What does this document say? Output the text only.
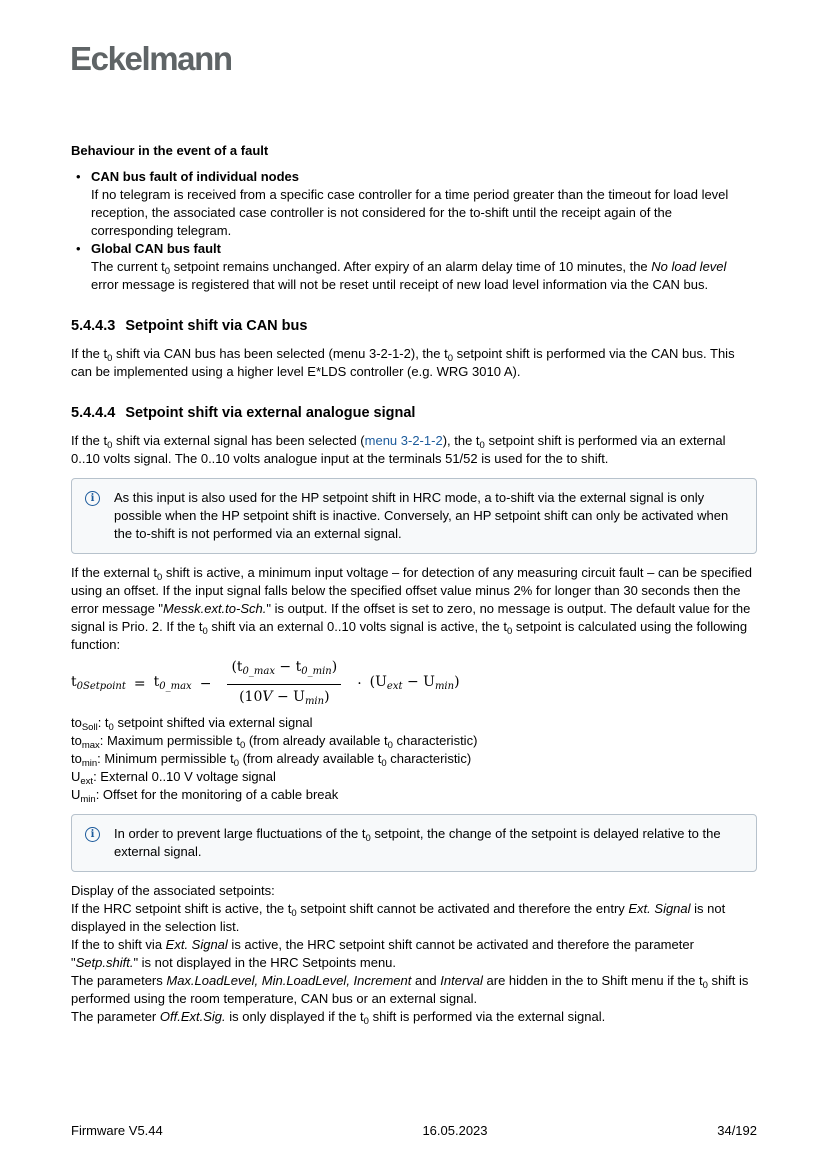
Eckelmann

Behaviour in the event of a fault

• CAN bus fault of individual nodes
If no telegram is received from a specific case controller for a time period greater than the timeout for load level reception, the associated case controller is not considered for the to-shift until the receipt again of the corresponding telegram.
• Global CAN bus fault
The current $t_0$ setpoint remains unchanged. After expiry of an alarm delay time of 10 minutes, the No load level error message is registered that will not be reset until receipt of new load level information via the CAN bus.
5.4.4.3 Setpoint shift via CAN bus

If the $t_0$ shift via CAN bus has been selected (menu 3-2-1-2), the $t_0$ setpoint shift is performed via the CAN bus. This can be implemented using a higher level E*LDS controller (e.g. WRG 3010 A).

5.4.4.4 Setpoint shift via external analogue signal

If the $t_0$ shift via external signal has been selected (menu 3-2-1-2), the $t_0$ setpoint shift is performed via an external 0..10 volts signal. The 0..10 volts analogue input at the terminals 51/52 is used for the to shift.

i	As this input is also used for the HP setpoint shift in HRC mode, a to-shift via the external signal is only possible when the HP setpoint shift is inactive. Conversely, an HP setpoint shift can only be activated when the to-shift is not performed via an external signal.

If the external $t_0$ shift is active, a minimum input voltage – for detection of any measuring circuit fault – can be specified using an offset. If the input signal falls below the specified offset value minus 2% for longer than 30 seconds then the error message "Messk.ext.to-Sch." is output. If the offset is set to zero, no message is output. The default value for the signal is Prio. 2. If the $t_0$ shift via an external 0..10 volts signal is active, the $t_0$ setpoint is calculated using the following function:

$t_{0Setpoint} = t_{0\_max} - \frac{(t_{0\_max} - t_{0\_min})}{(10V - U_{min})} \cdot (U_{ext} - U_{min})$
$to_{Soll}$: $t_0$ setpoint shifted via external signal
$to_{max}$: Maximum permissible $t_0$ (from already available $t_0$ characteristic)
$to_{min}$: Minimum permissible $t_0$ (from already available $t_0$ characteristic)
$U_{ext}$: External 0..10 V voltage signal
$U_{min}$: Offset for the monitoring of a cable break
i	In order to prevent large fluctuations of the $t_0$ setpoint, the change of the setpoint is delayed relative to the external signal.

Display of the associated setpoints:

If the HRC setpoint shift is active, the $t_0$ setpoint shift cannot be activated and therefore the entry Ext. Signal is not displayed in the selection list.

If the to shift via Ext. Signal is active, the HRC setpoint shift cannot be activated and therefore the parameter "Setp.shift." is not displayed in the HRC Setpoints menu.

The parameters Max.LoadLevel, Min.LoadLevel, Increment and Interval are hidden in the to Shift menu if the $t_0$ shift is performed using the room temperature, CAN bus or an external signal.

The parameter Off.Ext.Sig. is only displayed if the $t_0$ shift is performed via the external signal.

Firmware V5.44	16.05.2023	34/192
